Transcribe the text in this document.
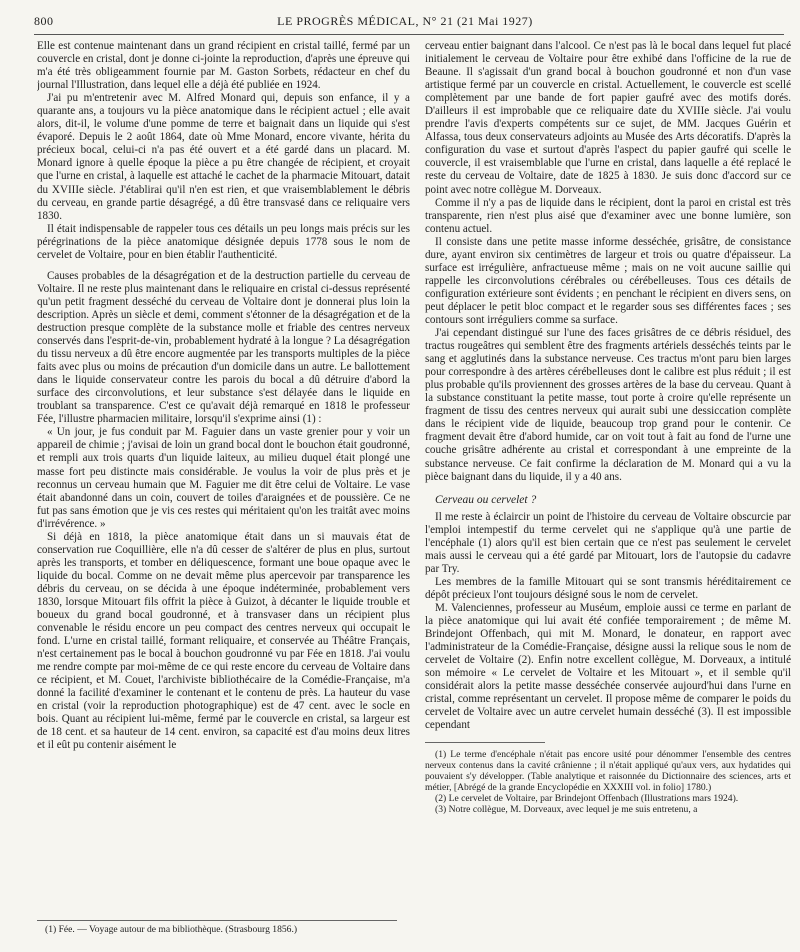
800	LE PROGRÈS MÉDICAL, N° 21 (21 Mai 1927)

Elle est contenue maintenant dans un grand récipient en cristal taillé, fermé par un couvercle en cristal, dont je donne ci-jointe la reproduction, d'après une épreuve qui m'a été très obligeamment fournie par M. Gaston Sorbets, rédacteur en chef du journal l'Illustration, dans lequel elle a déjà été publiée en 1924.

J'ai pu m'entretenir avec M. Alfred Monard qui, depuis son enfance, il y a quarante ans, a toujours vu la pièce anatomique dans le récipient actuel ; elle avait alors, dit-il, le volume d'une pomme de terre et baignait dans un liquide qui s'est évaporé. Depuis le 2 août 1864, date où Mme Monard, encore vivante, hérita du précieux bocal, celui-ci n'a pas été ouvert et a été gardé dans un placard. M. Monard ignore à quelle époque la pièce a pu être changée de récipient, et croyait que l'urne en cristal, à laquelle est attaché le cachet de la pharmacie Mitouart, datait du XVIIIe siècle. J'établirai qu'il n'en est rien, et que vraisemblablement le débris du cerveau, en grande partie désagrégé, a dû être transvasé dans ce reliquaire vers 1830.

Il était indispensable de rappeler tous ces détails un peu longs mais précis sur les pérégrinations de la pièce anatomique désignée depuis 1778 sous le nom de cervelet de Voltaire, pour en bien établir l'authenticité.

Causes probables de la désagrégation et de la destruction partielle du cerveau de Voltaire. Il ne reste plus maintenant dans le reliquaire en cristal ci-dessus représenté qu'un petit fragment desséché du cerveau de Voltaire dont je donnerai plus loin la description. Après un siècle et demi, comment s'étonner de la désagrégation et de la destruction presque complète de la substance molle et friable des centres nerveux conservés dans l'esprit-de-vin, probablement hydraté à la longue ? La désagrégation du tissu nerveux a dû être encore augmentée par les transports multiples de la pièce faits avec plus ou moins de précaution d'un domicile dans un autre. Le ballottement dans le liquide conservateur contre les parois du bocal a dû détruire d'abord la surface des circonvolutions, et leur substance s'est délayée dans le liquide en troublant sa transparence. C'est ce qu'avait déjà remarqué en 1818 le professeur Fée, l'illustre pharmacien militaire, lorsqu'il s'exprime ainsi (1) :

« Un jour, je fus conduit par M. Faguier dans un vaste grenier pour y voir un appareil de chimie ; j'avisai de loin un grand bocal dont le bouchon était goudronné, et rempli aux trois quarts d'un liquide laiteux, au milieu duquel était plongé une masse fort peu distincte mais considérable. Je voulus la voir de plus près et je reconnus un cerveau humain que M. Faguier me dit être celui de Voltaire. Le vase était abandonné dans un coin, couvert de toiles d'araignées et de poussière. Ce ne fut pas sans émotion que je vis ces restes qui méritaient qu'on les traitât avec moins d'irrévérence. »

Si déjà en 1818, la pièce anatomique était dans un si mauvais état de conservation rue Coquillière, elle n'a dû cesser de s'altérer de plus en plus, surtout après les transports, et tomber en déliquescence, formant une boue opaque avec le liquide du bocal. Comme on ne devait même plus apercevoir par transparence les débris du cerveau, on se décida à une époque indéterminée, probablement vers 1830, lorsque Mitouart fils offrit la pièce à Guizot, à décanter le liquide trouble et boueux du grand bocal goudronné, et à transvaser dans un récipient plus convenable le résidu encore un peu compact des centres nerveux qui occupait le fond. L'urne en cristal taillé, formant reliquaire, et conservée au Théâtre Français, n'est certainement pas le bocal à bouchon goudronné vu par Fée en 1818. J'ai voulu me rendre compte par moi-même de ce qui reste encore du cerveau de Voltaire dans ce récipient, et M. Couet, l'archiviste bibliothécaire de la Comédie-Française, m'a donné la facilité d'examiner le contenant et le contenu de près. La hauteur du vase en cristal (voir la reproduction photographique) est de 47 cent. avec le socle en bois. Quant au récipient lui-même, fermé par le couvercle en cristal, sa largeur est de 18 cent. et sa hauteur de 14 cent. environ, sa capacité est d'au moins deux litres et il eût pu contenir aisément le

(1) Fée. — Voyage autour de ma bibliothèque. (Strasbourg 1856.)

cerveau entier baignant dans l'alcool. Ce n'est pas là le bocal dans lequel fut placé initialement le cerveau de Voltaire pour être exhibé dans l'officine de la rue de Beaune. Il s'agissait d'un grand bocal à bouchon goudronné et non d'un vase artistique fermé par un couvercle en cristal. Actuellement, le couvercle est scellé complètement par une bande de fort papier gaufré avec des motifs dorés. D'ailleurs il est improbable que ce reliquaire date du XVIIIe siècle. J'ai voulu prendre l'avis d'experts compétents sur ce sujet, de MM. Jacques Guérin et Alfassa, tous deux conservateurs adjoints au Musée des Arts décoratifs. D'après la configuration du vase et surtout d'après l'aspect du papier gaufré qui scelle le couvercle, il est vraisemblable que l'urne en cristal, dans laquelle a été replacé le reste du cerveau de Voltaire, date de 1825 à 1830. Je suis donc d'accord sur ce point avec notre collègue M. Dorveaux.

Comme il n'y a pas de liquide dans le récipient, dont la paroi en cristal est très transparente, rien n'est plus aisé que d'examiner avec une bonne lumière, son contenu actuel.

Il consiste dans une petite masse informe desséchée, grisâtre, de consistance dure, ayant environ six centimètres de largeur et trois ou quatre d'épaisseur. La surface est irrégulière, anfractueuse même ; mais on ne voit aucune saillie qui rappelle les circonvolutions cérébrales ou cérébelleuses. Tous ces détails de configuration extérieure sont évidents ; en penchant le récipient en divers sens, on peut déplacer le petit bloc compact et le regarder sous ses différentes faces ; ses contours sont irréguliers comme sa surface.

J'ai cependant distingué sur l'une des faces grisâtres de ce débris résiduel, des tractus rougeâtres qui semblent être des fragments artériels desséchés teints par le sang et agglutinés dans la substance nerveuse. Ces tractus m'ont paru bien larges pour correspondre à des artères cérébelleuses dont le calibre est plus réduit ; il est plus probable qu'ils proviennent des grosses artères de la base du cerveau. Quant à la substance constituant la petite masse, tout porte à croire qu'elle représente un fragment de tissu des centres nerveux qui aurait subi une dessiccation complète dans le récipient vide de liquide, beaucoup trop grand pour le contenir. Ce fragment devait être d'abord humide, car on voit tout à fait au fond de l'urne une couche grisâtre adhérente au cristal et correspondant à une empreinte de la substance nerveuse. Ce fait confirme la déclaration de M. Monard qui a vu la pièce baignant dans du liquide, il y a 40 ans.

Cerveau ou cervelet ?

Il me reste à éclaircir un point de l'histoire du cerveau de Voltaire obscurcie par l'emploi intempestif du terme cervelet qui ne s'applique qu'à une partie de l'encéphale (1) alors qu'il est bien certain que ce n'est pas seulement le cervelet mais aussi le cerveau qui a été gardé par Mitouart, lors de l'autopsie du cadavre par Try.

Les membres de la famille Mitouart qui se sont transmis héréditairement ce dépôt précieux l'ont toujours désigné sous le nom de cervelet.

M. Valenciennes, professeur au Muséum, emploie aussi ce terme en parlant de la pièce anatomique qui lui avait été confiée temporairement ; de même M. Brindejont Offenbach, qui mit M. Monard, le donateur, en rapport avec l'administrateur de la Comédie-Française, désigne aussi la relique sous le nom de cervelet de Voltaire (2). Enfin notre excellent collègue, M. Dorveaux, a intitulé son mémoire « Le cervelet de Voltaire et les Mitouart », et il semble qu'il considérait alors la petite masse desséchée conservée aujourd'hui dans l'urne en cristal, comme représentant un cervelet. Il propose même de comparer le poids du cervelet de Voltaire avec un autre cervelet humain desséché (3). Il est impossible cependant

(1) Le terme d'encéphale n'était pas encore usité pour dénommer l'ensemble des centres nerveux contenus dans la cavité crânienne ; il n'était appliqué qu'aux vers, aux hydatides qui pouvaient s'y développer. (Table analytique et raisonnée du Dictionnaire des sciences, arts et métier, [Abrégé de la grande Encyclopédie en XXXIII vol. in folio] 1780.)

(2) Le cervelet de Voltaire, par Brindejont Offenbach (Illustrations mars 1924).

(3) Notre collègue, M. Dorveaux, avec lequel je me suis entretenu, a
